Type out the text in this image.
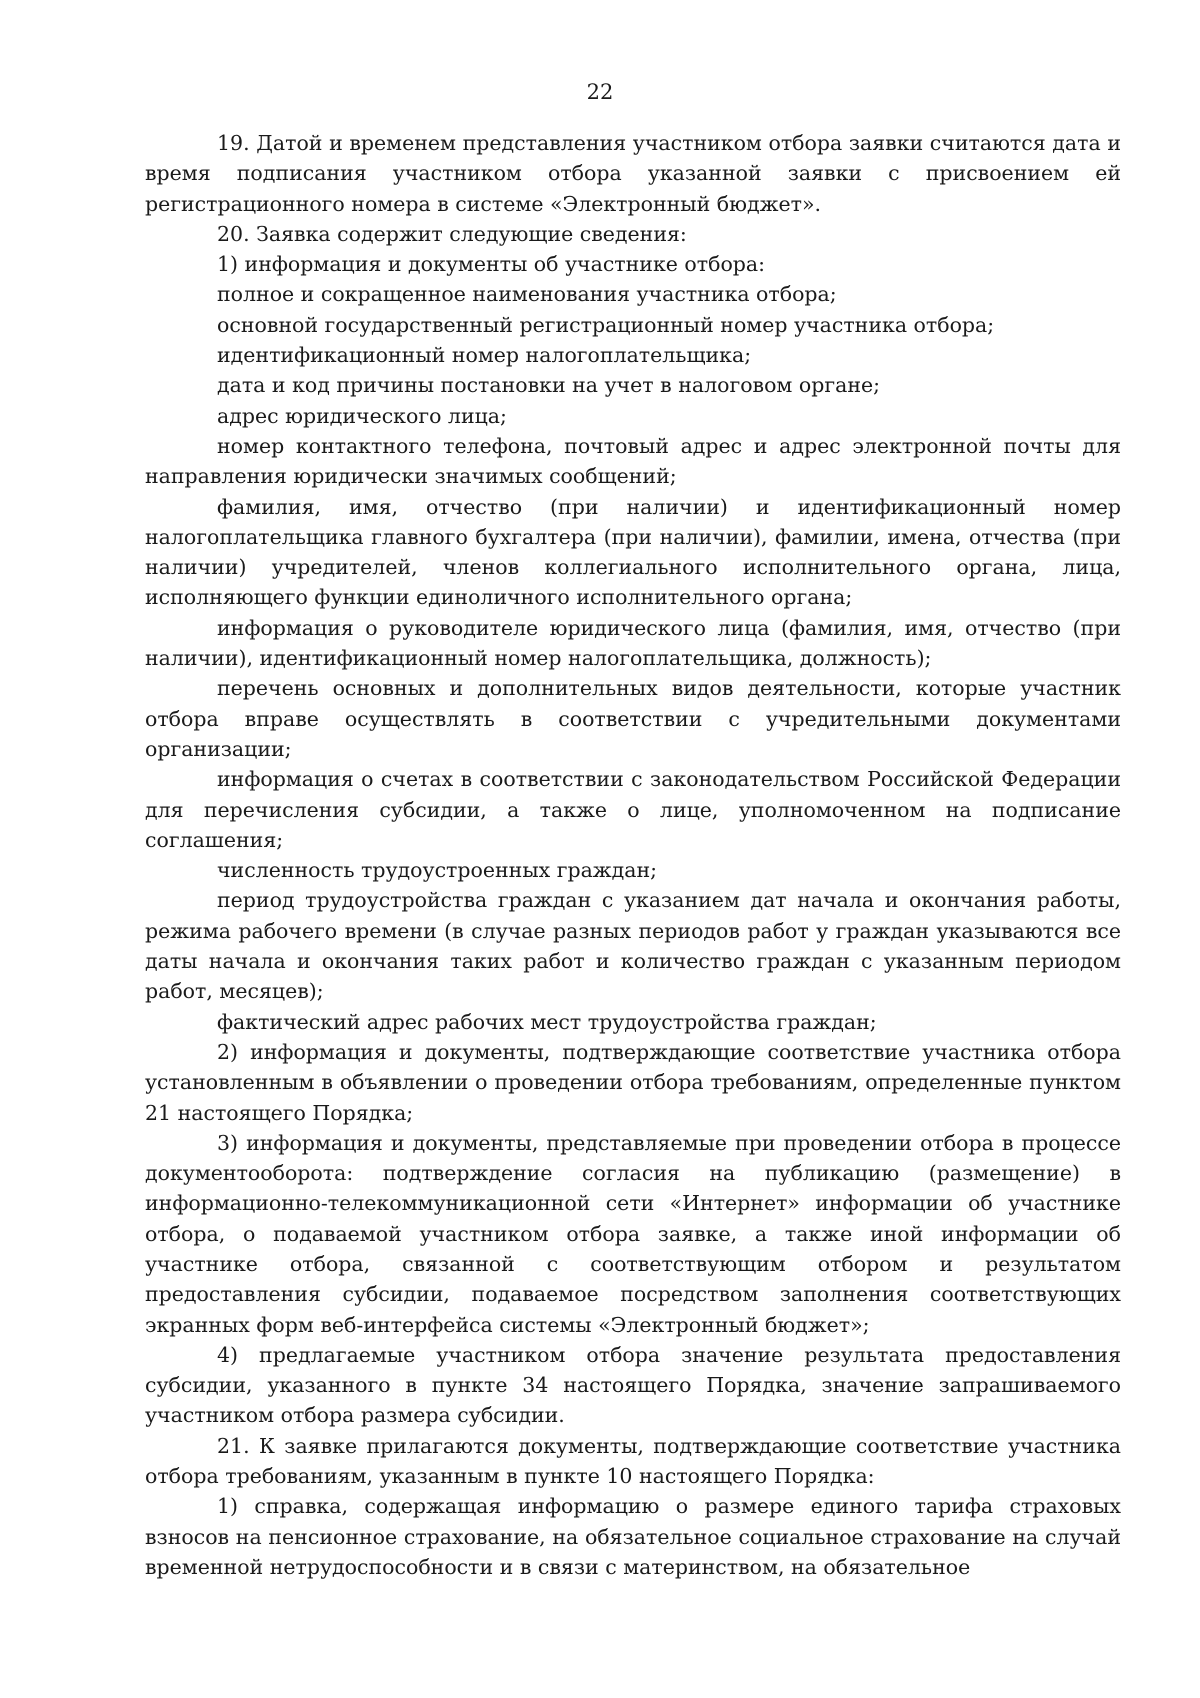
22

19. Датой и временем представления участником отбора заявки считаются дата и время подписания участником отбора указанной заявки с присвоением ей регистрационного номера в системе «Электронный бюджет».

20. Заявка содержит следующие сведения:

1) информация и документы об участнике отбора:

полное и сокращенное наименования участника отбора;

основной государственный регистрационный номер участника отбора;

идентификационный номер налогоплательщика;

дата и код причины постановки на учет в налоговом органе;

адрес юридического лица;

номер контактного телефона, почтовый адрес и адрес электронной почты для направления юридически значимых сообщений;

фамилия, имя, отчество (при наличии) и идентификационный номер налогоплательщика главного бухгалтера (при наличии), фамилии, имена, отчества (при наличии) учредителей, членов коллегиального исполнительного органа, лица, исполняющего функции единоличного исполнительного органа;

информация о руководителе юридического лица (фамилия, имя, отчество (при наличии), идентификационный номер налогоплательщика, должность);

перечень основных и дополнительных видов деятельности, которые участник отбора вправе осуществлять в соответствии с учредительными документами организации;

информация о счетах в соответствии с законодательством Российской Федерации для перечисления субсидии, а также о лице, уполномоченном на подписание соглашения;

численность трудоустроенных граждан;

период трудоустройства граждан с указанием дат начала и окончания работы, режима рабочего времени (в случае разных периодов работ у граждан указываются все даты начала и окончания таких работ и количество граждан с указанным периодом работ, месяцев);

фактический адрес рабочих мест трудоустройства граждан;

2) информация и документы, подтверждающие соответствие участника отбора установленным в объявлении о проведении отбора требованиям, определенные пунктом 21 настоящего Порядка;

3) информация и документы, представляемые при проведении отбора в процессе документооборота: подтверждение согласия на публикацию (размещение) в информационно-телекоммуникационной сети «Интернет» информации об участнике отбора, о подаваемой участником отбора заявке, а также иной информации об участнике отбора, связанной с соответствующим отбором и результатом предоставления субсидии, подаваемое посредством заполнения соответствующих экранных форм веб-интерфейса системы «Электронный бюджет»;

4) предлагаемые участником отбора значение результата предоставления субсидии, указанного в пункте 34 настоящего Порядка, значение запрашиваемого участником отбора размера субсидии.

21. К заявке прилагаются документы, подтверждающие соответствие участника отбора требованиям, указанным в пункте 10 настоящего Порядка:

1) справка, содержащая информацию о размере единого тарифа страховых взносов на пенсионное страхование, на обязательное социальное страхование на случай временной нетрудоспособности и в связи с материнством, на обязательное
